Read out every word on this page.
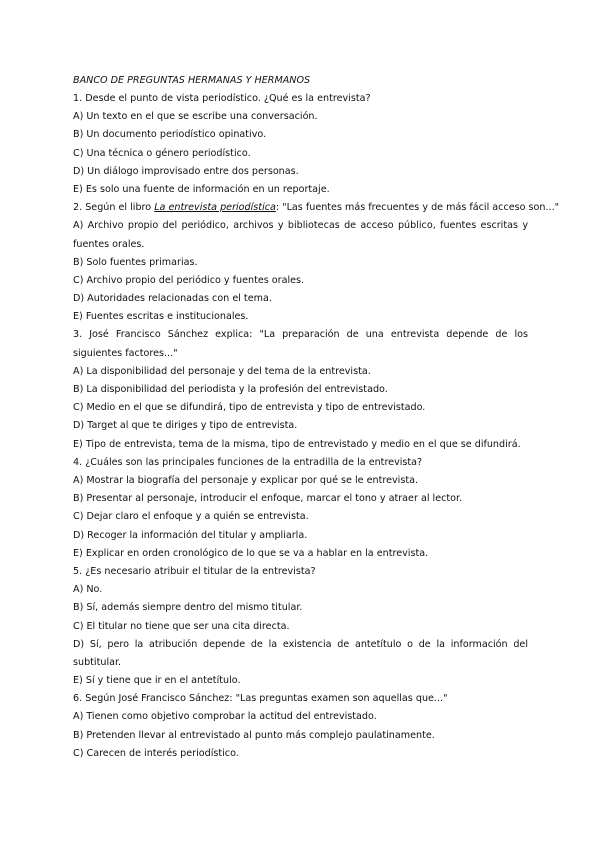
BANCO DE PREGUNTAS HERMANAS Y HERMANOS

1. Desde el punto de vista periodístico. ¿Qué es la entrevista?

A) Un texto en el que se escribe una conversación.

B) Un documento periodístico opinativo.

C) Una técnica o género periodístico.

D) Un diálogo improvisado entre dos personas.

E) Es solo una fuente de información en un reportaje.

2. Según el libro La entrevista periodística: "Las fuentes más frecuentes y de más fácil acceso son..."

A) Archivo propio del periódico, archivos y bibliotecas de acceso público, fuentes escritas y fuentes orales.

B) Solo fuentes primarias.

C) Archivo propio del periódico y fuentes orales.

D) Autoridades relacionadas con el tema.

E) Fuentes escritas e institucionales.

3. José Francisco Sánchez explica: "La preparación de una entrevista depende de los siguientes factores..."

A) La disponibilidad del personaje y del tema de la entrevista.

B) La disponibilidad del periodista y la profesión del entrevistado.

C) Medio en el que se difundirá, tipo de entrevista y tipo de entrevistado.

D) Target al que te diriges y tipo de entrevista.

E) Tipo de entrevista, tema de la misma, tipo de entrevistado y medio en el que se difundirá.

4. ¿Cuáles son las principales funciones de la entradilla de la entrevista?

A) Mostrar la biografía del personaje y explicar por qué se le entrevista.

B) Presentar al personaje, introducir el enfoque, marcar el tono y atraer al lector.

C) Dejar claro el enfoque y a quién se entrevista.

D) Recoger la información del titular y ampliarla.

E) Explicar en orden cronológico de lo que se va a hablar en la entrevista.

5. ¿Es necesario atribuir el titular de la entrevista?

A) No.

B) Sí, además siempre dentro del mismo titular.

C) El titular no tiene que ser una cita directa.

D) Sí, pero la atribución depende de la existencia de antetítulo o de la información del subtitular.

E) Sí y tiene que ir en el antetítulo.

6. Según José Francisco Sánchez: "Las preguntas examen son aquellas que..."

A) Tienen como objetivo comprobar la actitud del entrevistado.

B) Pretenden llevar al entrevistado al punto más complejo paulatinamente.

C) Carecen de interés periodístico.
